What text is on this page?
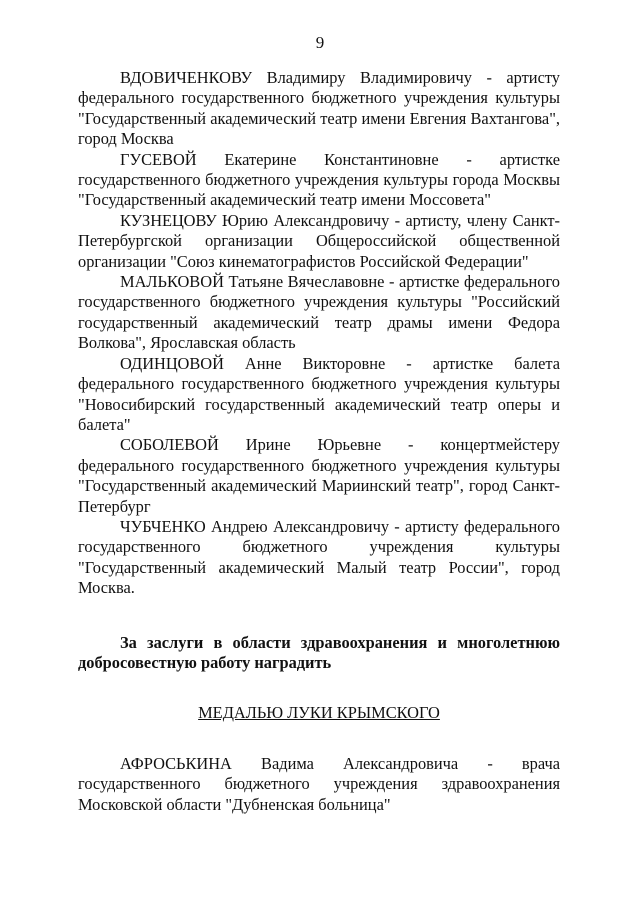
9

ВДОВИЧЕНКОВУ Владимиру Владимировичу - артисту федерального государственного бюджетного учреждения культуры "Государственный академический театр имени Евгения Вахтангова", город Москва

ГУСЕВОЙ Екатерине Константиновне - артистке государственного бюджетного учреждения культуры города Москвы "Государственный академический театр имени Моссовета"

КУЗНЕЦОВУ Юрию Александровичу - артисту, члену Санкт-Петербургской организации Общероссийской общественной организации "Союз кинематографистов Российской Федерации"

МАЛЬКОВОЙ Татьяне Вячеславовне - артистке федерального государственного бюджетного учреждения культуры "Российский государственный академический театр драмы имени Федора Волкова", Ярославская область

ОДИНЦОВОЙ Анне Викторовне - артистке балета федерального государственного бюджетного учреждения культуры "Новосибирский государственный академический театр оперы и балета"

СОБОЛЕВОЙ Ирине Юрьевне - концертмейстеру федерального государственного бюджетного учреждения культуры "Государственный академический Мариинский театр", город Санкт-Петербург

ЧУБЧЕНКО Андрею Александровичу - артисту федерального государственного бюджетного учреждения культуры "Государственный академический Малый театр России", город Москва.

За заслуги в области здравоохранения и многолетнюю добросовестную работу наградить

МЕДАЛЬЮ ЛУКИ КРЫМСКОГО

АФРОСЬКИНА Вадима Александровича - врача государственного бюджетного учреждения здравоохранения Московской области "Дубненская больница"
